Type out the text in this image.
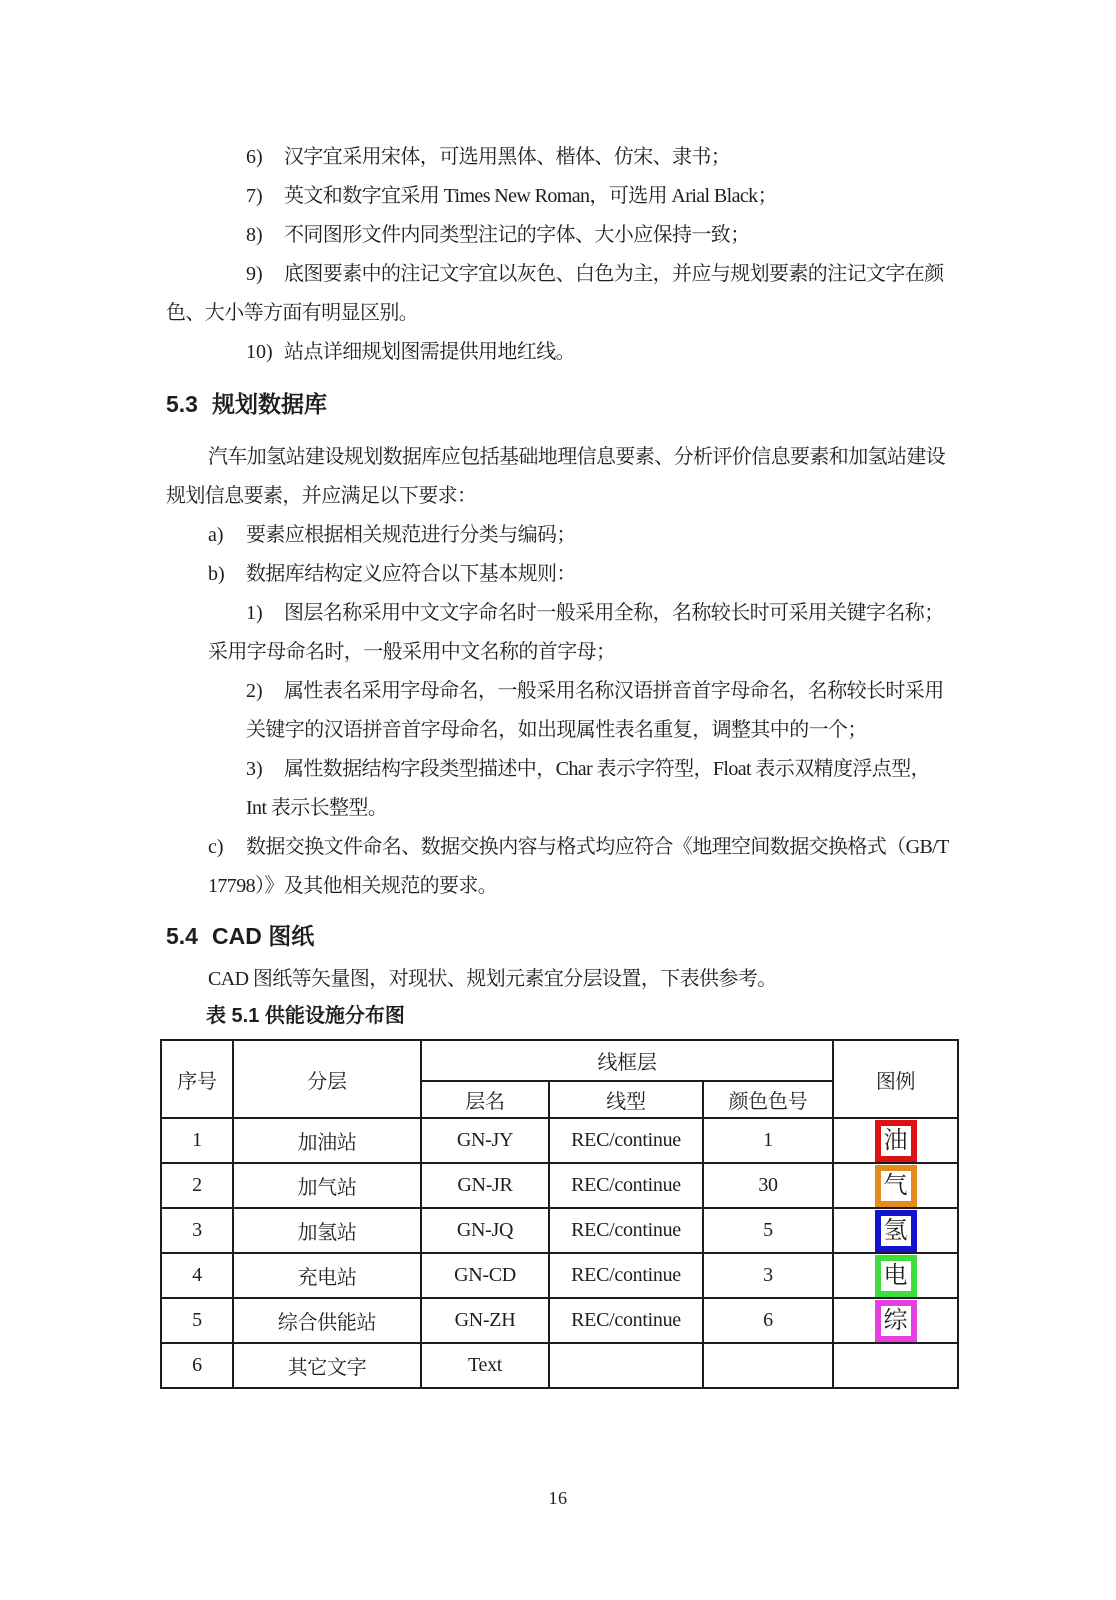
6) 汉字宜采用宋体，可选用黑体、楷体、仿宋、隶书；
7) 英文和数字宜采用 Times New Roman，可选用 Arial Black；
8) 不同图形文件内同类型注记的字体、大小应保持一致；
9) 底图要素中的注记文字宜以灰色、白色为主，并应与规划要素的注记文字在颜
色、大小等方面有明显区别。
10) 站点详细规划图需提供用地红线。
5.3 规划数据库
汽车加氢站建设规划数据库应包括基础地理信息要素、分析评价信息要素和加氢站建设
规划信息要素，并应满足以下要求：
a) 要素应根据相关规范进行分类与编码；
b) 数据库结构定义应符合以下基本规则：
1) 图层名称采用中文文字命名时一般采用全称，名称较长时可采用关键字名称；
采用字母命名时，一般采用中文名称的首字母；
2) 属性表名采用字母命名，一般采用名称汉语拼音首字母命名，名称较长时采用
关键字的汉语拼音首字母命名，如出现属性表名重复，调整其中的一个；
3) 属性数据结构字段类型描述中，Char 表示字符型，Float 表示双精度浮点型，
Int 表示长整型。
c) 数据交换文件命名、数据交换内容与格式均应符合《地理空间数据交换格式（GB/T
17798）》及其他相关规范的要求。
5.4 CAD 图纸
CAD 图纸等矢量图，对现状、规划元素宜分层设置，下表供参考。
表 5.1 供能设施分布图
序号	分层	线框层			图例
		层名	线型	颜色色号	
1	加油站	GN-JY	REC/continue	1	油
2	加气站	GN-JR	REC/continue	30	气
3	加氢站	GN-JQ	REC/continue	5	氢
4	充电站	GN-CD	REC/continue	3	电
5	综合供能站	GN-ZH	REC/continue	6	综
6	其它文字	Text			
16
